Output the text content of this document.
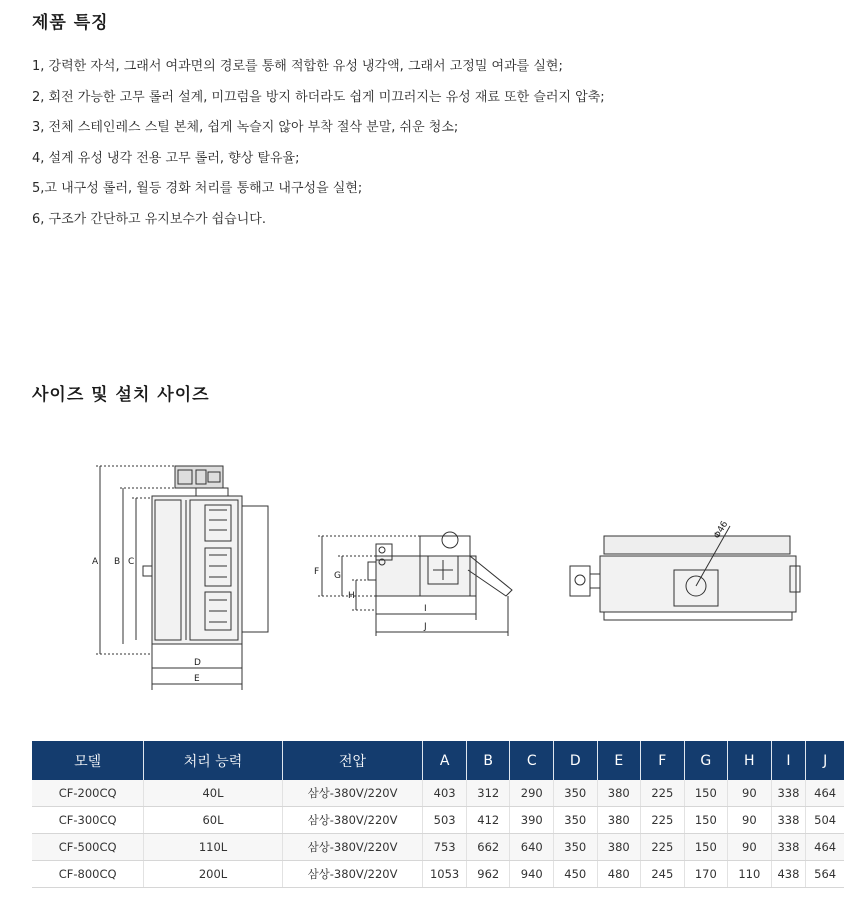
제품 특징
1, 강력한 자석, 그래서 여과면의 경로를 통해 적합한 유성 냉각액, 그래서 고정밀 여과를 실현;
2, 회전 가능한 고무 롤러 설계, 미끄럼을 방지 하더라도 쉽게 미끄러지는 유성 재료 또한 슬러지 압축;
3, 전체 스테인레스 스틸 본체, 쉽게 녹슬지 않아 부착 절삭 분말, 쉬운 청소;
4, 설계 유성 냉각 전용 고무 롤러, 향상 탈유율;
5,고 내구성 롤러, 월등 경화 처리를 통해고 내구성을 실현;
6, 구조가 간단하고 유지보수가 쉽습니다.
사이즈 및 설치 사이즈
A B C
D
E
F G
H
I
J
Φ46
모델	처리 능력	전압	A	B	C	D	E	F	G	H	I	J
CF-200CQ	40L	삼상-380V/220V	403	312	290	350	380	225	150	90	338	464
CF-300CQ	60L	삼상-380V/220V	503	412	390	350	380	225	150	90	338	504
CF-500CQ	110L	삼상-380V/220V	753	662	640	350	380	225	150	90	338	464
CF-800CQ	200L	삼상-380V/220V	1053	962	940	450	480	245	170	110	438	564
